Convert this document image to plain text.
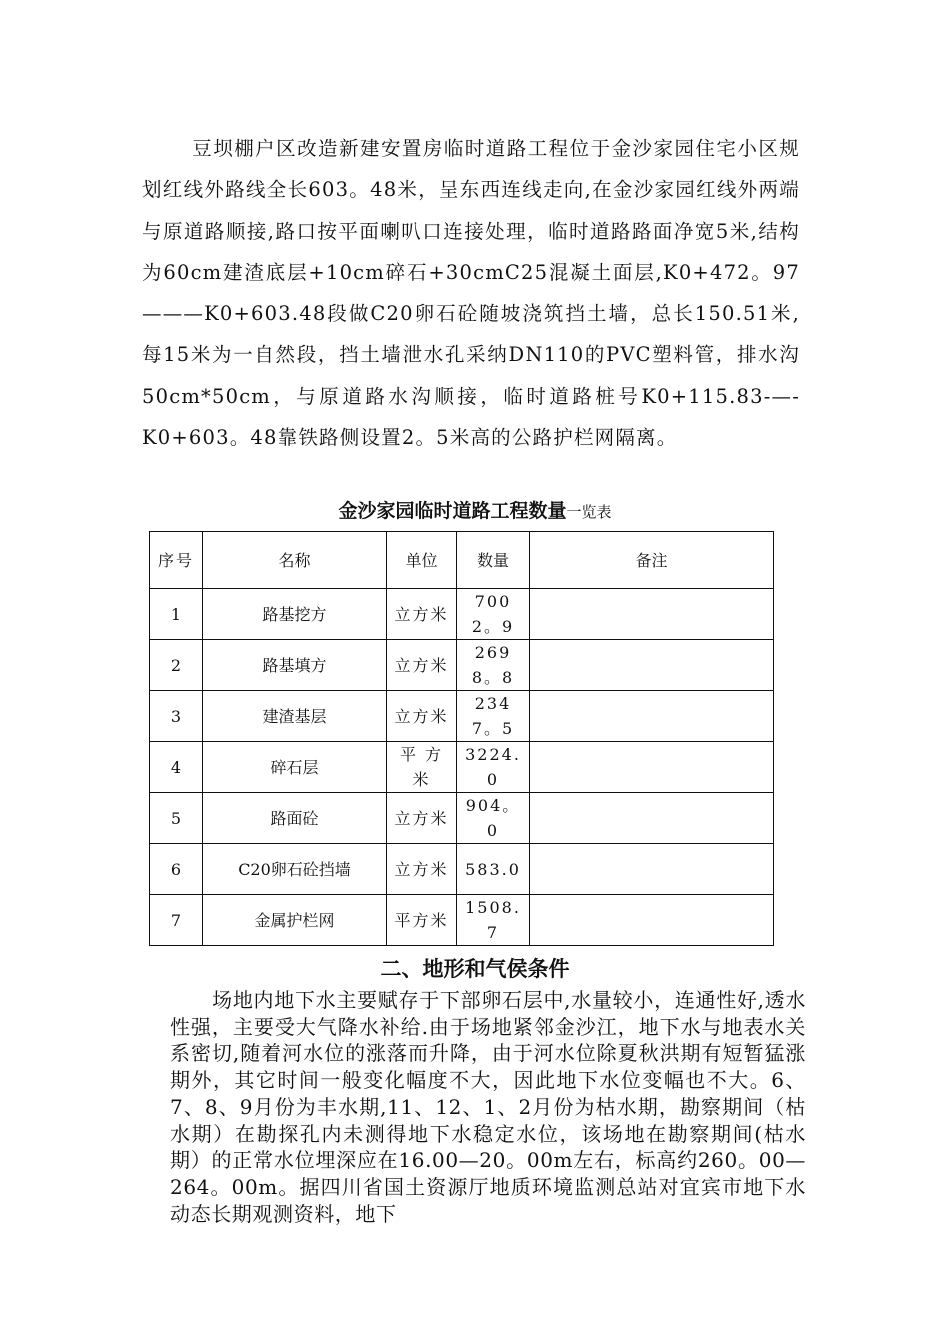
豆坝棚户区改造新建安置房临时道路工程位于金沙家园住宅小区规划红线外路线全长603。48米，呈东西连线走向,在金沙家园红线外两端与原道路顺接,路口按平面喇叭口连接处理，临时道路路面净宽5米,结构为60cm建渣底层+10cm碎石+30cmC25混凝土面层,K0+472。97———K0+603.48段做C20卵石砼随坡浇筑挡土墙，总长150.51米,每15米为一自然段，挡土墙泄水孔采纳DN110的PVC塑料管，排水沟50cm*50cm，与原道路水沟顺接，临时道路桩号K0+115.83-—-K0+603。48靠铁路侧设置2。5米高的公路护栏网隔离。

金沙家园临时道路工程数量一览表

序号	名称	单位	数量	备注
1	路基挖方	立方米	7002。9	

2	路基填方	立方米	2698。8	

3	建渣基层	立方米	2347。5	

4	碎石层	平 方米	3224.0	

5	路面砼	立方米	904。0	

6	C20卵石砼挡墙	立方米	583.0	

7	金属护栏网	平方米	1508.7	

二、地形和气侯条件

场地内地下水主要赋存于下部卵石层中,水量较小，连通性好,透水性强，主要受大气降水补给.由于场地紧邻金沙江，地下水与地表水关系密切,随着河水位的涨落而升降，由于河水位除夏秋洪期有短暂猛涨期外，其它时间一般变化幅度不大，因此地下水位变幅也不大。6、7、8、9月份为丰水期,11、12、1、2月份为枯水期，勘察期间（枯水期）在勘探孔内未测得地下水稳定水位，该场地在勘察期间(枯水期）的正常水位埋深应在16.00—20。00m左右，标高约260。00—264。00m。据四川省国土资源厅地质环境监测总站对宜宾市地下水动态长期观测资料，地下
